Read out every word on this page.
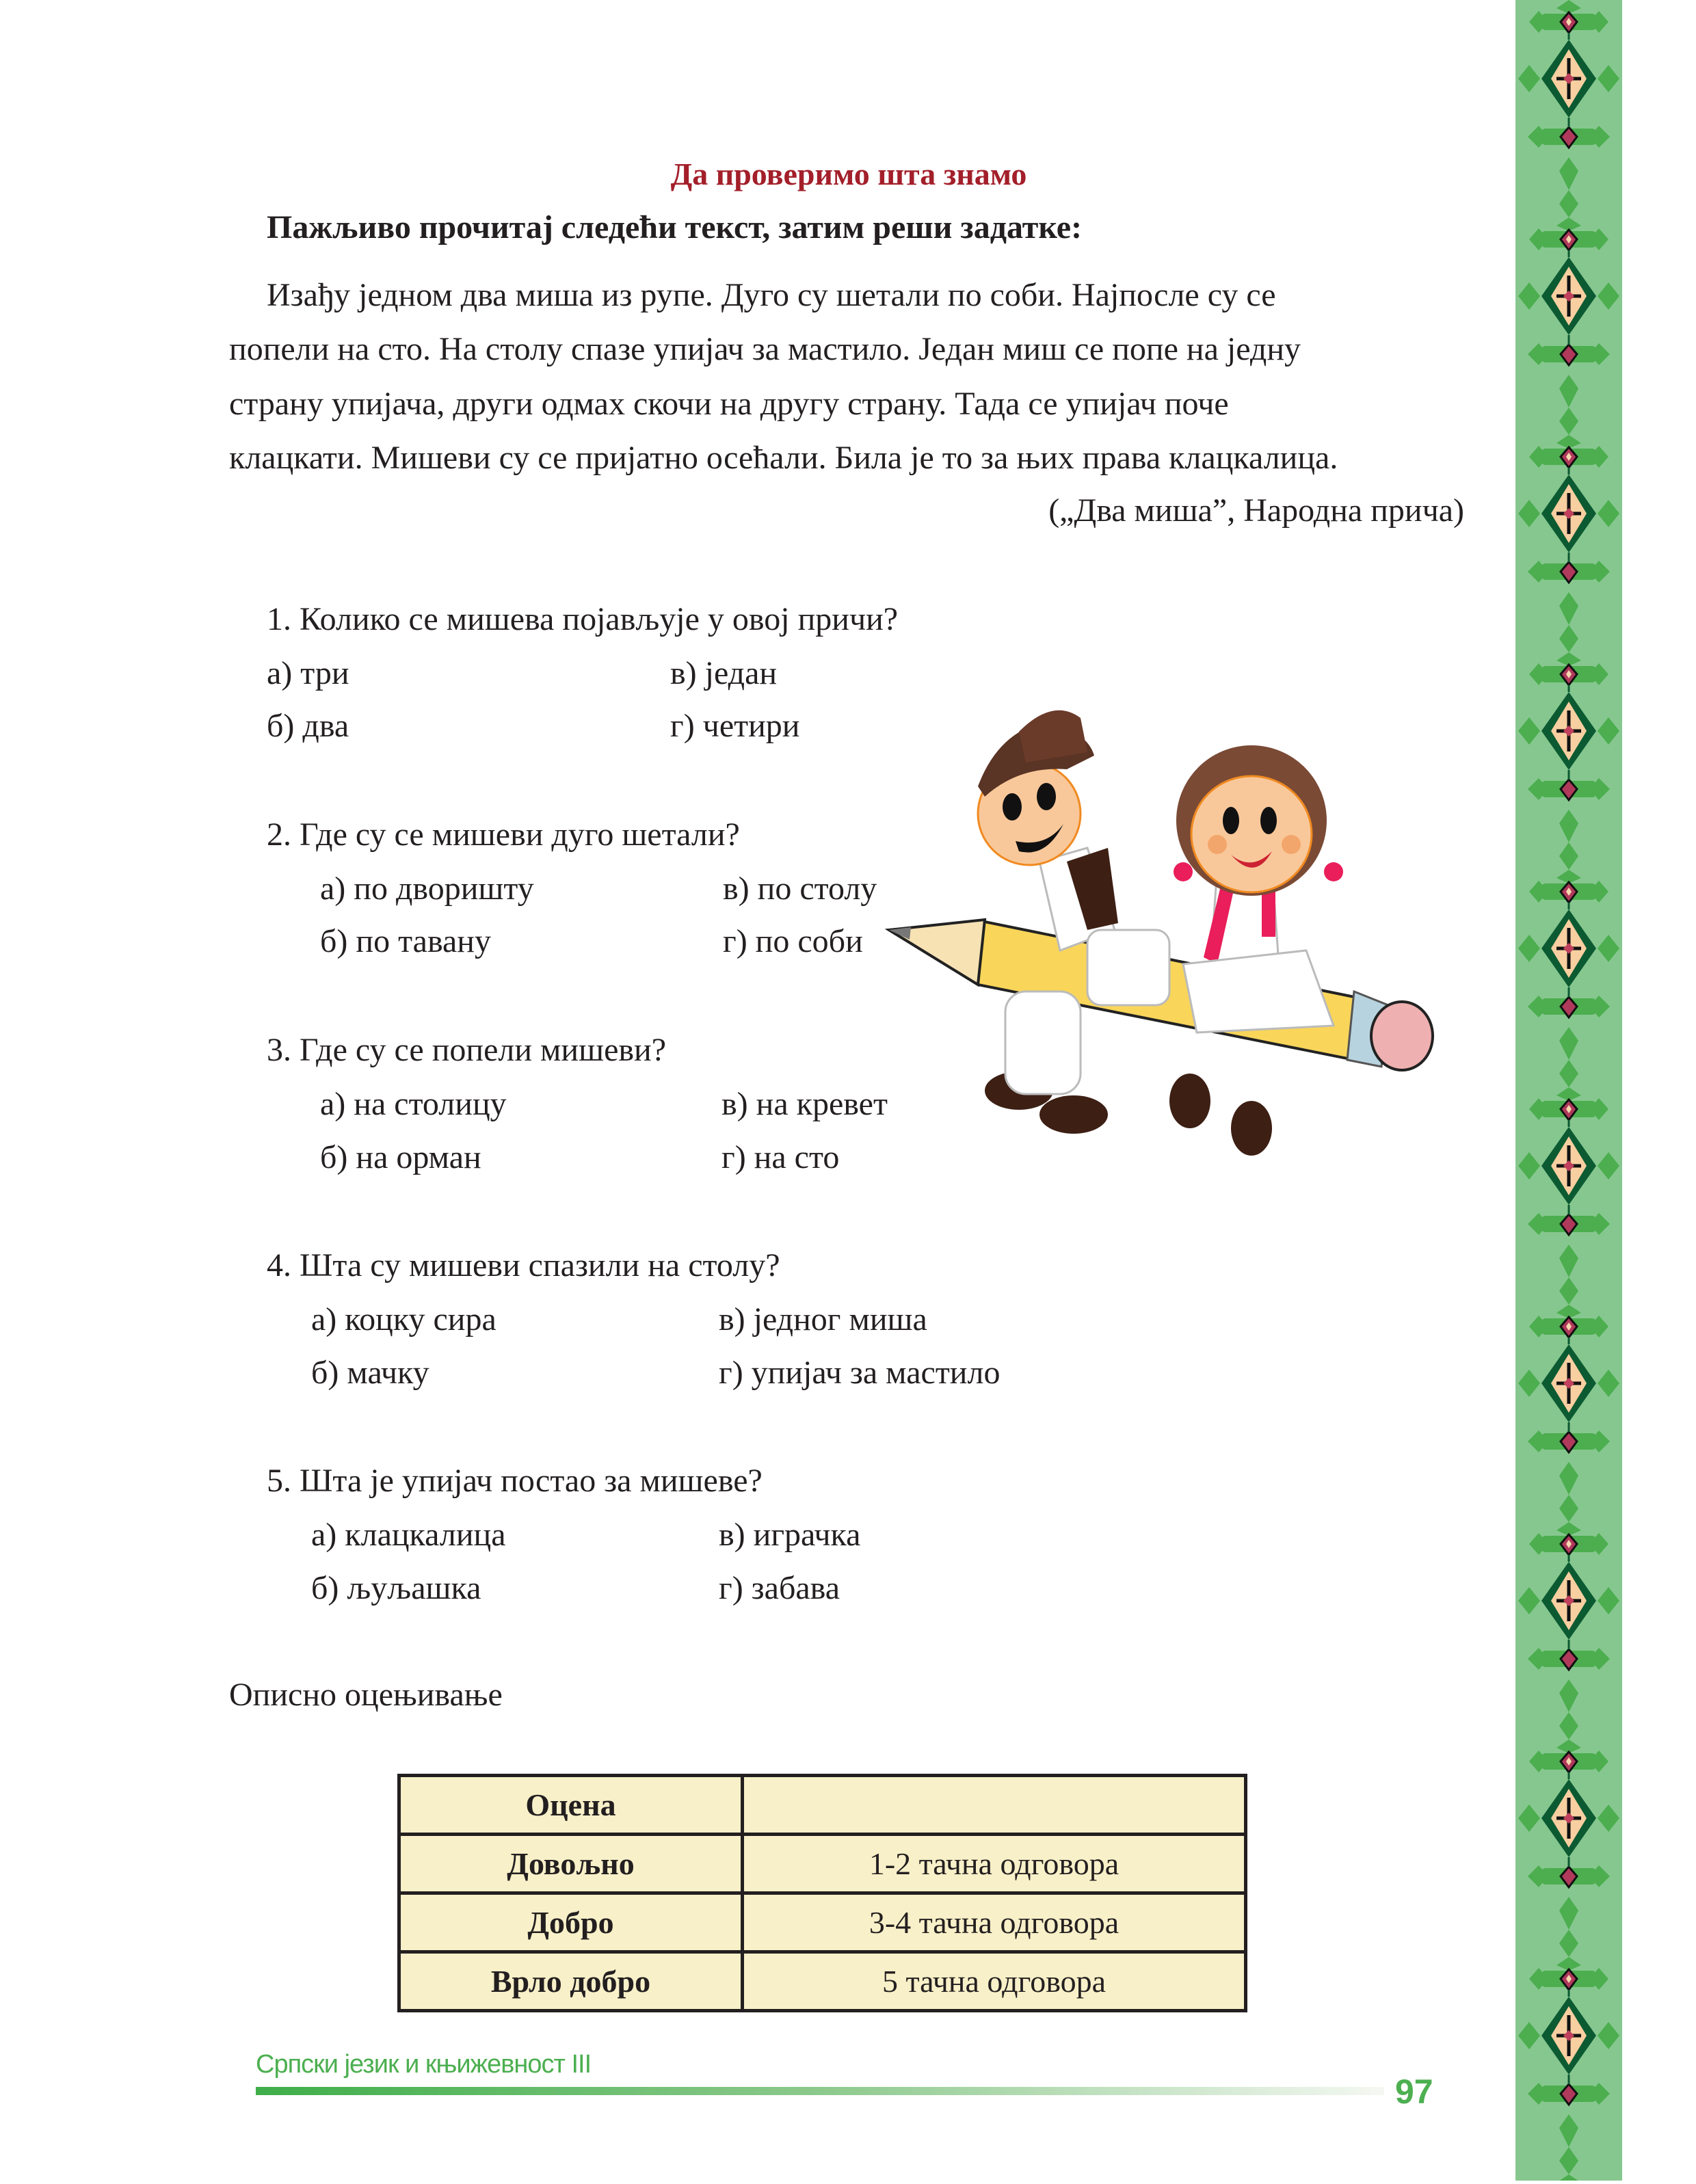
Да проверимо шта знамо
Пажљиво прочитај следећи текст, затим реши задатке:
Изађу једном два миша из рупе. Дуго су шетали по соби. Најпосле су се
попели на сто. На столу спазе упијач за мастило. Један миш се попе на једну
страну упијача, други одмах скочи на другу страну. Тада се упијач поче
клацкати. Мишеви су се пријатно осећали. Била је то за њих права клацкалица.
(„Два миша”, Народна прича)
1. Колико се мишева појављује у овој причи?
а) три	в) један
б) два	г) четири
2. Где су се мишеви дуго шетали?
а) по дворишту	в) по столу
б) по тавану	г) по соби
3. Где су се попели мишеви?
а) на столицу	в) на кревет
б) на орман	г) на сто
4. Шта су мишеви спазили на столу?
а) коцку сира	в) једног миша
б) мачку	г) упијач за мастило
5. Шта је упијач постао за мишеве?
а) клацкалица	в) играчка
б) љуљашка	г) забава
Описно оцењивање
Оцена	
Довољно	1-2 тачна одговора
Добро	3-4 тачна одговора
Врло добро	5 тачна одговора
Српски језик и књижевност III
97
